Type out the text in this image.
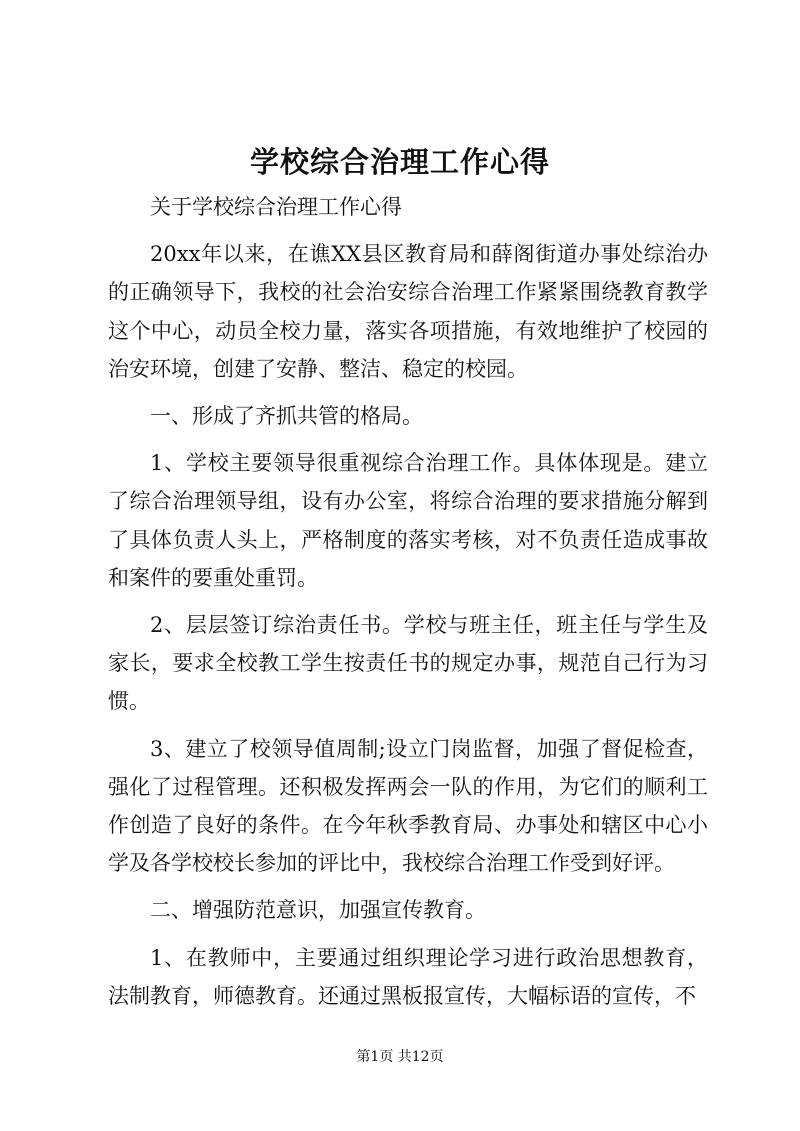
学校综合治理工作心得

关于学校综合治理工作心得

20xx年以来，在谯XX县区教育局和薛阁街道办事处综治办的正确领导下，我校的社会治安综合治理工作紧紧围绕教育教学这个中心，动员全校力量，落实各项措施，有效地维护了校园的治安环境，创建了安静、整洁、稳定的校园。

一、形成了齐抓共管的格局。

1、学校主要领导很重视综合治理工作。具体体现是。建立了综合治理领导组，设有办公室，将综合治理的要求措施分解到了具体负责人头上，严格制度的落实考核，对不负责任造成事故和案件的要重处重罚。

2、层层签订综治责任书。学校与班主任，班主任与学生及家长，要求全校教工学生按责任书的规定办事，规范自己行为习惯。

3、建立了校领导值周制;设立门岗监督，加强了督促检查，强化了过程管理。还积极发挥两会一队的作用，为它们的顺利工作创造了良好的条件。在今年秋季教育局、办事处和辖区中心小学及各学校校长参加的评比中，我校综合治理工作受到好评。

二、增强防范意识，加强宣传教育。

1、在教师中，主要通过组织理论学习进行政治思想教育，法制教育，师德教育。还通过黑板报宣传，大幅标语的宣传，不

第1页 共12页
